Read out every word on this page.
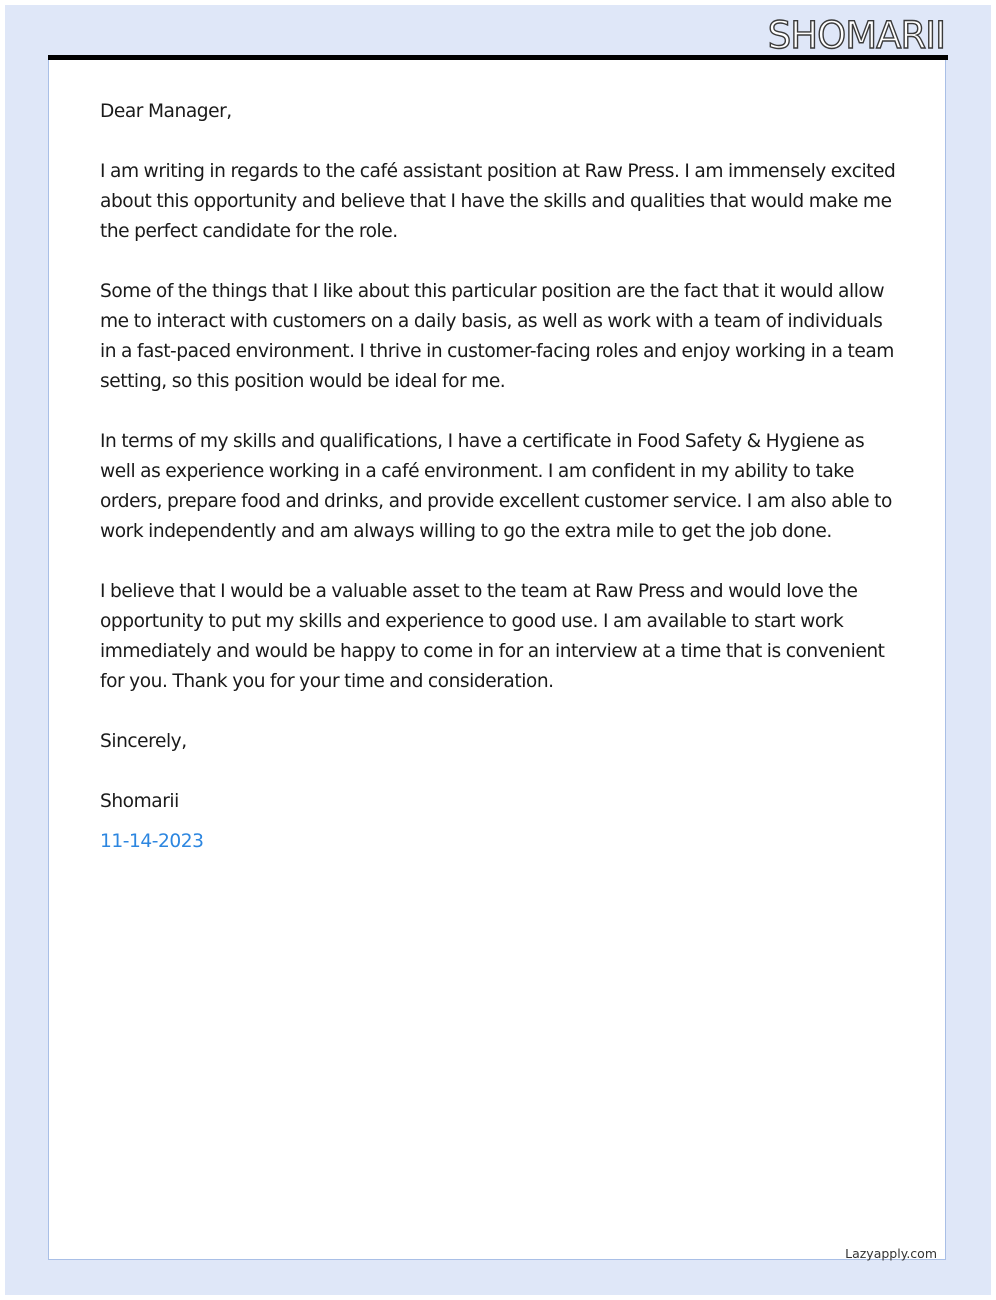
SHOMARII

Dear Manager,

I am writing in regards to the café assistant position at Raw Press. I am immensely excited about this opportunity and believe that I have the skills and qualities that would make me the perfect candidate for the role.

Some of the things that I like about this particular position are the fact that it would allow me to interact with customers on a daily basis, as well as work with a team of individuals in a fast-paced environment. I thrive in customer-facing roles and enjoy working in a team setting, so this position would be ideal for me.

In terms of my skills and qualifications, I have a certificate in Food Safety & Hygiene as well as experience working in a café environment. I am confident in my ability to take orders, prepare food and drinks, and provide excellent customer service. I am also able to work independently and am always willing to go the extra mile to get the job done.

I believe that I would be a valuable asset to the team at Raw Press and would love the opportunity to put my skills and experience to good use. I am available to start work immediately and would be happy to come in for an interview at a time that is convenient for you. Thank you for your time and consideration.

Sincerely,

Shomarii

11-14-2023

Lazyapply.com
